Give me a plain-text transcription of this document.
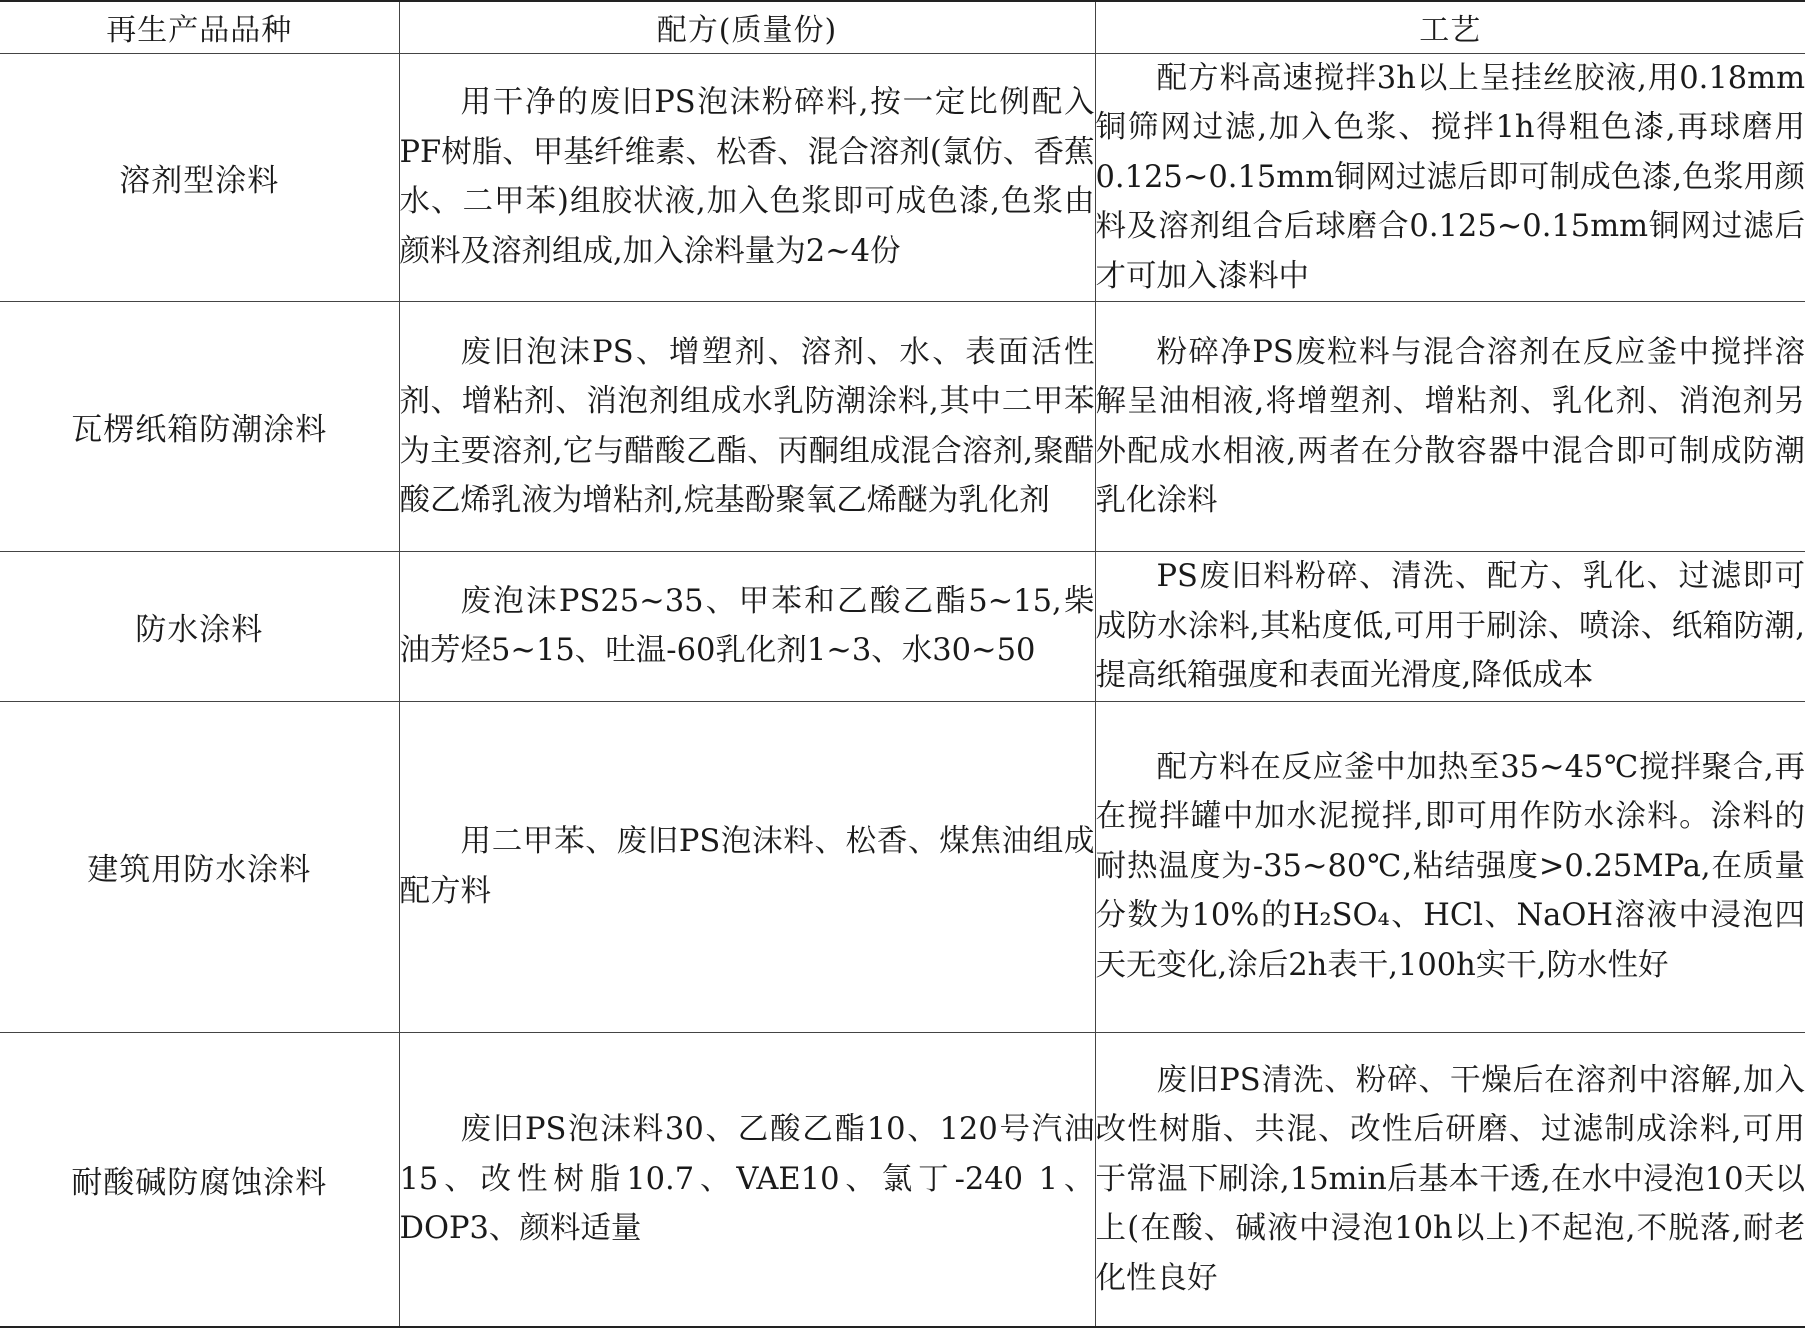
再生产品品种	配方(质量份)	工艺
溶剂型涂料	用干净的废旧PS泡沫粉碎料,按一定比例配入PF树脂、甲基纤维素、松香、混合溶剂(氯仿、香蕉水、二甲苯)组胶状液,加入色浆即可成色漆,色浆由颜料及溶剂组成,加入涂料量为2~4份	配方料高速搅拌3h以上呈挂丝胶液,用0.18mm铜筛网过滤,加入色浆、搅拌1h得粗色漆,再球磨用0.125~0.15mm铜网过滤后即可制成色漆,色浆用颜料及溶剂组合后球磨合0.125~0.15mm铜网过滤后才可加入漆料中

瓦楞纸箱防潮涂料	废旧泡沫PS、增塑剂、溶剂、水、表面活性剂、增粘剂、消泡剂组成水乳防潮涂料,其中二甲苯为主要溶剂,它与醋酸乙酯、丙酮组成混合溶剂,聚醋酸乙烯乳液为增粘剂,烷基酚聚氧乙烯醚为乳化剂	粉碎净PS废粒料与混合溶剂在反应釜中搅拌溶解呈油相液,将增塑剂、增粘剂、乳化剂、消泡剂另外配成水相液,两者在分散容器中混合即可制成防潮乳化涂料

防水涂料	废泡沫PS25~35、甲苯和乙酸乙酯5~15,柴油芳烃5~15、吐温-60乳化剂1~3、水30~50	PS废旧料粉碎、清洗、配方、乳化、过滤即可成防水涂料,其粘度低,可用于刷涂、喷涂、纸箱防潮,提高纸箱强度和表面光滑度,降低成本

建筑用防水涂料	用二甲苯、废旧PS泡沫料、松香、煤焦油组成配方料	配方料在反应釜中加热至35~45℃搅拌聚合,再在搅拌罐中加水泥搅拌,即可用作防水涂料。涂料的耐热温度为-35~80℃,粘结强度>0.25MPa,在质量分数为10%的H₂SO₄、HCl、NaOH溶液中浸泡四天无变化,涂后2h表干,100h实干,防水性好

耐酸碱防腐蚀涂料	废旧PS泡沫料30、乙酸乙酯10、120号汽油15、改性树脂10.7、VAE10、氯丁-240 1、DOP3、颜料适量	废旧PS清洗、粉碎、干燥后在溶剂中溶解,加入改性树脂、共混、改性后研磨、过滤制成涂料,可用于常温下刷涂,15min后基本干透,在水中浸泡10天以上(在酸、碱液中浸泡10h以上)不起泡,不脱落,耐老化性良好
